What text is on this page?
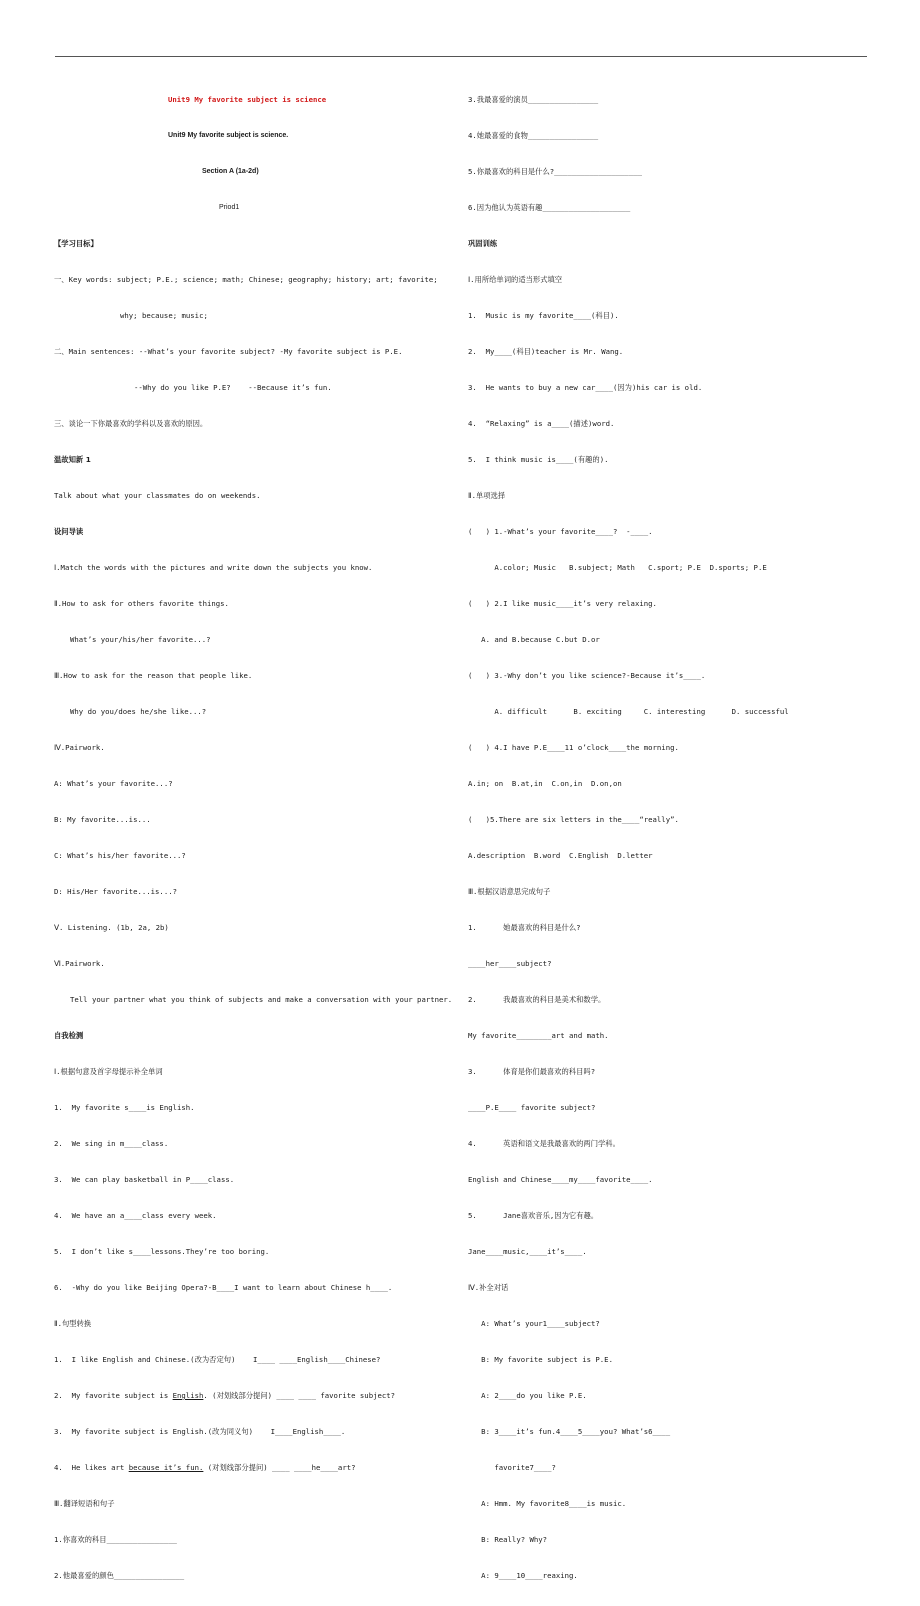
Unit9 My favorite subject is science

Unit9 My favorite subject is science.

Section A (1a-2d)

Priod1

【学习目标】

一、Key words: subject; P.E.; science; math; Chinese; geography; history; art; favorite;

why; because; music;

二、Main sentences: --What’s your favorite subject? -My favorite subject is P.E.

--Why do you like P.E?    --Because it’s fun.

三、谈论一下你最喜欢的学科以及喜欢的原因。

温故知新 1

Talk about what your classmates do on weekends.

设问导读

Ⅰ.Match the words with the pictures and write down the subjects you know.

Ⅱ.How to ask for others favorite things.

What’s your/his/her favorite...?

Ⅲ.How to ask for the reason that people like.

Why do you/does he/she like...?

Ⅳ.Pairwork.

A: What’s your favorite...?

B: My favorite...is...

C: What’s his/her favorite...?

D: His/Her favorite...is...?

Ⅴ. Listening. (1b, 2a, 2b)

Ⅵ.Pairwork.

Tell your partner what you think of subjects and make a conversation with your partner.

自我检测

Ⅰ.根据句意及首字母提示补全单词

1.  My favorite s____is English.

2.  We sing in m____class.

3.  We can play basketball in P____class.

4.  We have an a____class every week.

5.  I don’t like s____lessons.They’re too boring.

6.  -Why do you like Beijing Opera?-B____I want to learn about Chinese h____.

Ⅱ.句型转换

1.  I like English and Chinese.(改为否定句)    I____ ____English____Chinese?

2.  My favorite subject is English. (对划线部分提问) ____ ____ favorite subject?

3.  My favorite subject is English.(改为同义句)    I____English____.

4.  He likes art because it’s fun. (对划线部分提问) ____ ____he____art?

Ⅲ.翻译短语和句子

1.你喜欢的科目________________

2.他最喜爱的颜色________________

3.我最喜爱的演员________________

4.她最喜爱的食物________________

5.你最喜欢的科目是什么?____________________

6.因为他认为英语有趣____________________

巩固训练

Ⅰ.用所给单词的适当形式填空

1.  Music is my favorite____(科目).

2.  My____(科目)teacher is Mr. Wang.

3.  He wants to buy a new car____(因为)his car is old.

4.  “Relaxing” is a____(描述)word.

5.  I think music is____(有趣的).

Ⅱ.单项选择

(   ) 1.-What’s your favorite____?  -____.

A.color; Music   B.subject; Math   C.sport; P.E  D.sports; P.E

(   ) 2.I like music____it’s very relaxing.

A. and B.because C.but D.or

(   ) 3.-Why don’t you like science?-Because it’s____.

A. difficult      B. exciting     C. interesting      D. successful

(   ) 4.I have P.E____11 o’clock____the morning.

A.in; on  B.at,in  C.on,in  D.on,on

(   )5.There are six letters in the____“really”.

A.description  B.word  C.English  D.letter

Ⅲ.根据汉语意思完成句子

1.      她最喜欢的科目是什么?

____her____subject?

2.      我最喜欢的科目是美术和数学。

My favorite________art and math.

3.      体育是你们最喜欢的科目吗?

____P.E____ favorite subject?

4.      英语和语文是我最喜欢的两门学科。

English and Chinese____my____favorite____.

5.      Jane喜欢音乐,因为它有趣。

Jane____music,____it’s____.

Ⅳ.补全对话

A: What’s your1____subject?

B: My favorite subject is P.E.

A: 2____do you like P.E.

B: 3____it’s fun.4____5____you? What’s6____

favorite7____?

A: Hmm. My favorite8____is music.

B: Really? Why?

A: 9____10____reaxing.
